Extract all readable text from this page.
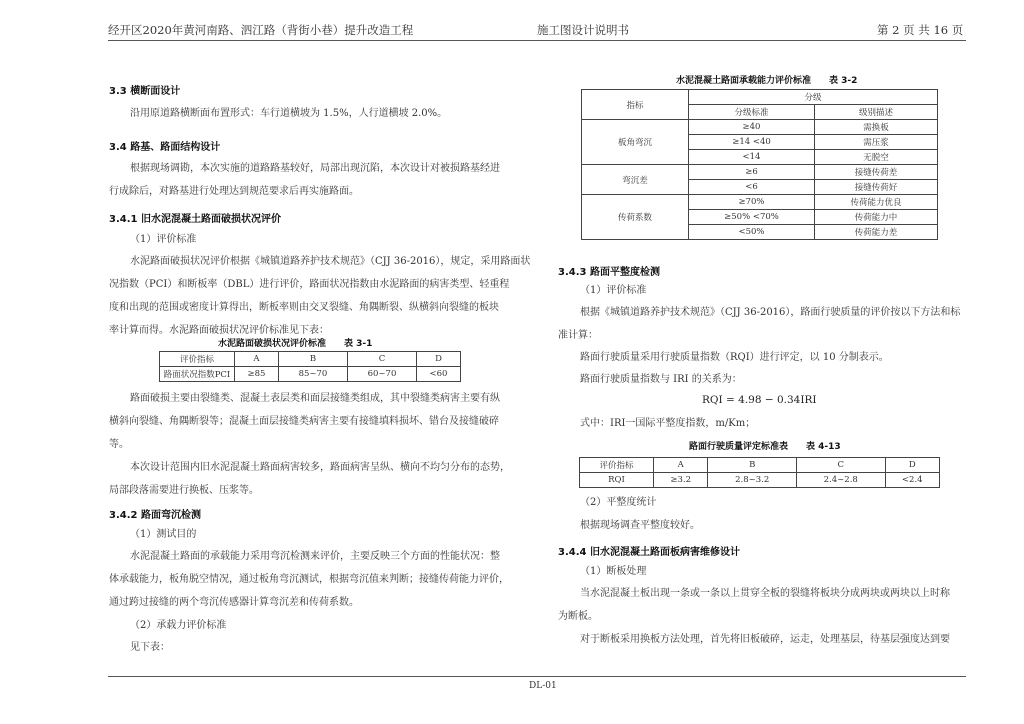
经开区2020年黄河南路、泗江路（背街小巷）提升改造工程	施工图设计说明书	第 2 页 共 16 页
3.3 横断面设计
沿用原道路横断面布置形式：车行道横坡为 1.5%，人行道横坡 2.0%。
3.4 路基、路面结构设计
根据现场调勘，本次实施的道路路基较好，局部出现沉陷，本次设计对被损路基经进
行成除后，对路基进行处理达到规范要求后再实施路面。
3.4.1 旧水泥混凝土路面破损状况评价
（1）评价标准
水泥路面破损状况评价根据《城镇道路养护技术规范》（CJJ 36-2016），规定，采用路面状
况指数（PCI）和断板率（DBL）进行评价，路面状况指数由水泥路面的病害类型、轻重程
度和出现的范围或密度计算得出，断板率则由交叉裂缝、角隅断裂、纵横斜向裂缝的板块
率计算而得。水泥路面破损状况评价标准见下表：
水泥路面破损状况评价标准　　表 3-1
评价指标	A	B	C	D
路面状况指数PCI	≥85	85~70	60~70	<60
路面破损主要由裂缝类、混凝土表层类和面层接缝类组成，其中裂缝类病害主要有纵
横斜向裂缝、角隅断裂等；混凝土面层接缝类病害主要有接缝填料损坏、错台及接缝破碎
等。
本次设计范围内旧水泥混凝土路面病害较多，路面病害呈纵、横向不均匀分布的态势，
局部段落需要进行换板、压浆等。
3.4.2 路面弯沉检测
（1）测试目的
水泥混凝土路面的承载能力采用弯沉检测来评价，主要反映三个方面的性能状况：整
体承载能力，板角脱空情况，通过板角弯沉测试，根据弯沉值来判断；接缝传荷能力评价，
通过跨过接缝的两个弯沉传感器计算弯沉差和传荷系数。
（2）承载力评价标准
见下表：
水泥混凝土路面承载能力评价标准　　表 3-2
指标	分级	
	分级标准	级别描述
板角弯沉	≥40	需换板
	≥14 <40	需压浆
	<14	无脱空
弯沉差	≥6	接缝传荷差
	<6	接缝传荷好
传荷系数	≥70%	传荷能力优良
	≥50% <70%	传荷能力中
	<50%	传荷能力差
3.4.3 路面平整度检测
（1）评价标准
根据《城镇道路养护技术规范》（CJJ 36-2016），路面行驶质量的评价按以下方法和标
准计算：
路面行驶质量采用行驶质量指数（RQI）进行评定，以 10 分制表示。
路面行驶质量指数与 IRI 的关系为：
RQI = 4.98 − 0.34IRI
式中：IRI一国际平整度指数，m/Km；
路面行驶质量评定标准表　　表 4-13
评价指标	A	B	C	D
RQI	≥3.2	2.8~3.2	2.4~2.8	<2.4
（2）平整度统计
根据现场调查平整度较好。
3.4.4 旧水泥混凝土路面板病害维修设计
（1）断板处理
当水泥混凝土板出现一条或一条以上贯穿全板的裂缝将板块分成两块或两块以上时称
为断板。
对于断板采用换板方法处理，首先将旧板破碎，运走，处理基层，待基层强度达到要
DL-01
